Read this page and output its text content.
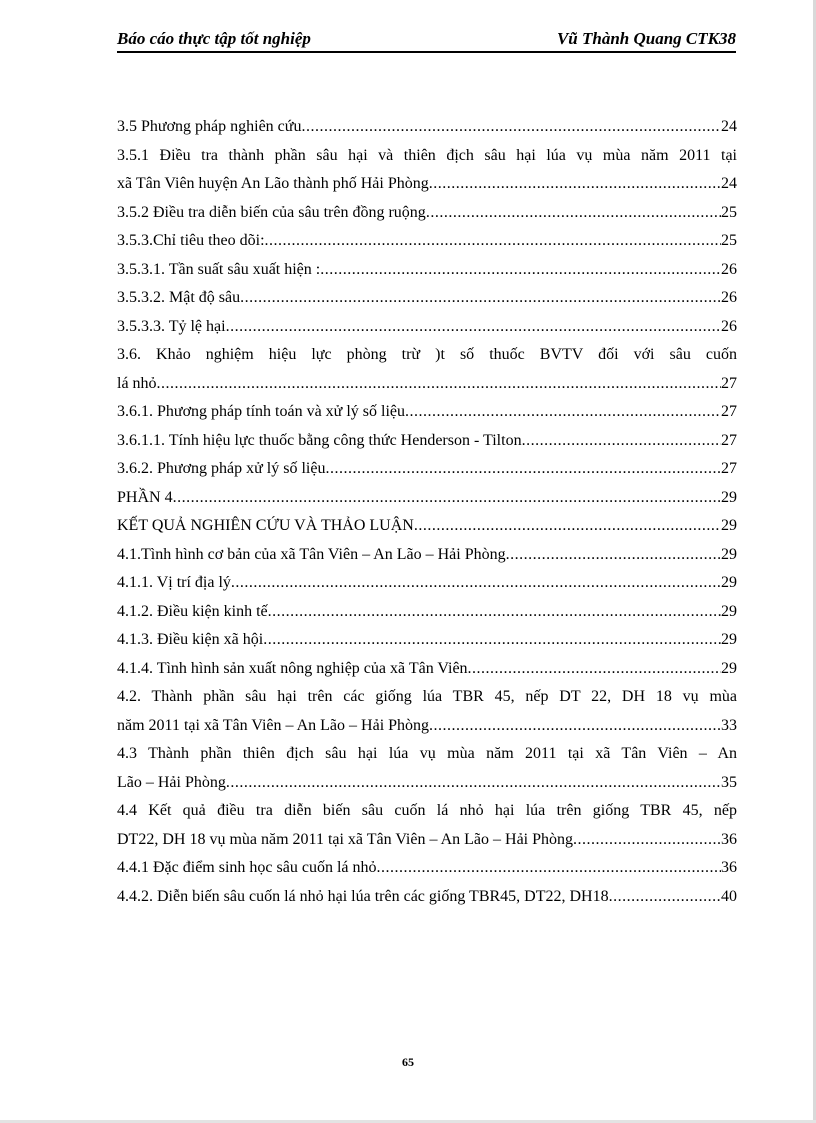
Báo cáo thực tập tốt nghiệp	Vũ Thành Quang CTK38
3.5 Phương pháp nghiên cứu .....	24
3.5.1 Điều tra thành phần sâu hại và thiên địch sâu hại lúa vụ mùa năm 2011 tại
xã Tân Viên huyện An Lão thành phố Hải Phòng .....	24
3.5.2 Điều tra diễn biến của sâu trên đồng ruộng .....	25
3.5.3.Chỉ tiêu theo dõi: .....	25
3.5.3.1. Tần suất sâu xuất hiện : .....	26
3.5.3.2. Mật độ sâu .....	26
3.5.3.3. Tỷ lệ hại .....	26
3.6. Khảo nghiệm hiệu lực phòng trừ )t số thuốc BVTV đối với sâu cuốn
lá nhỏ .....	27
3.6.1. Phương pháp tính toán và xử lý số liệu .....	27
3.6.1.1. Tính hiệu lực thuốc bằng công thức Henderson - Tilton .....	27
3.6.2. Phương pháp xử lý số liệu .....	27
PHẦN 4 .....	29
KẾT QUẢ NGHIÊN CỨU VÀ THẢO LUẬN .....	29
4.1.Tình hình cơ bản của xã Tân Viên – An Lão – Hải Phòng .....	29
4.1.1. Vị trí địa lý .....	29
4.1.2. Điều kiện kinh tế .....	29
4.1.3. Điều kiện xã hội .....	29
4.1.4. Tình hình sản xuất nông nghiệp của xã Tân Viên .....	29
4.2. Thành phần sâu hại trên các giống lúa TBR 45, nếp DT 22, DH 18 vụ mùa
năm 2011 tại xã Tân Viên – An Lão – Hải Phòng .....	33
4.3 Thành phần thiên địch sâu hại lúa vụ mùa năm 2011 tại xã Tân Viên – An
Lão – Hải Phòng .....	35
4.4 Kết quả điều tra diễn biến sâu cuốn lá nhỏ hại lúa trên giống TBR 45, nếp
DT22, DH 18 vụ mùa năm 2011 tại xã Tân Viên – An Lão – Hải Phòng .....	36
4.4.1 Đặc điểm sinh học sâu cuốn lá nhỏ .....	36
4.4.2. Diễn biến sâu cuốn lá nhỏ hại lúa trên các giống TBR45, DT22, DH18 .....	40
65
